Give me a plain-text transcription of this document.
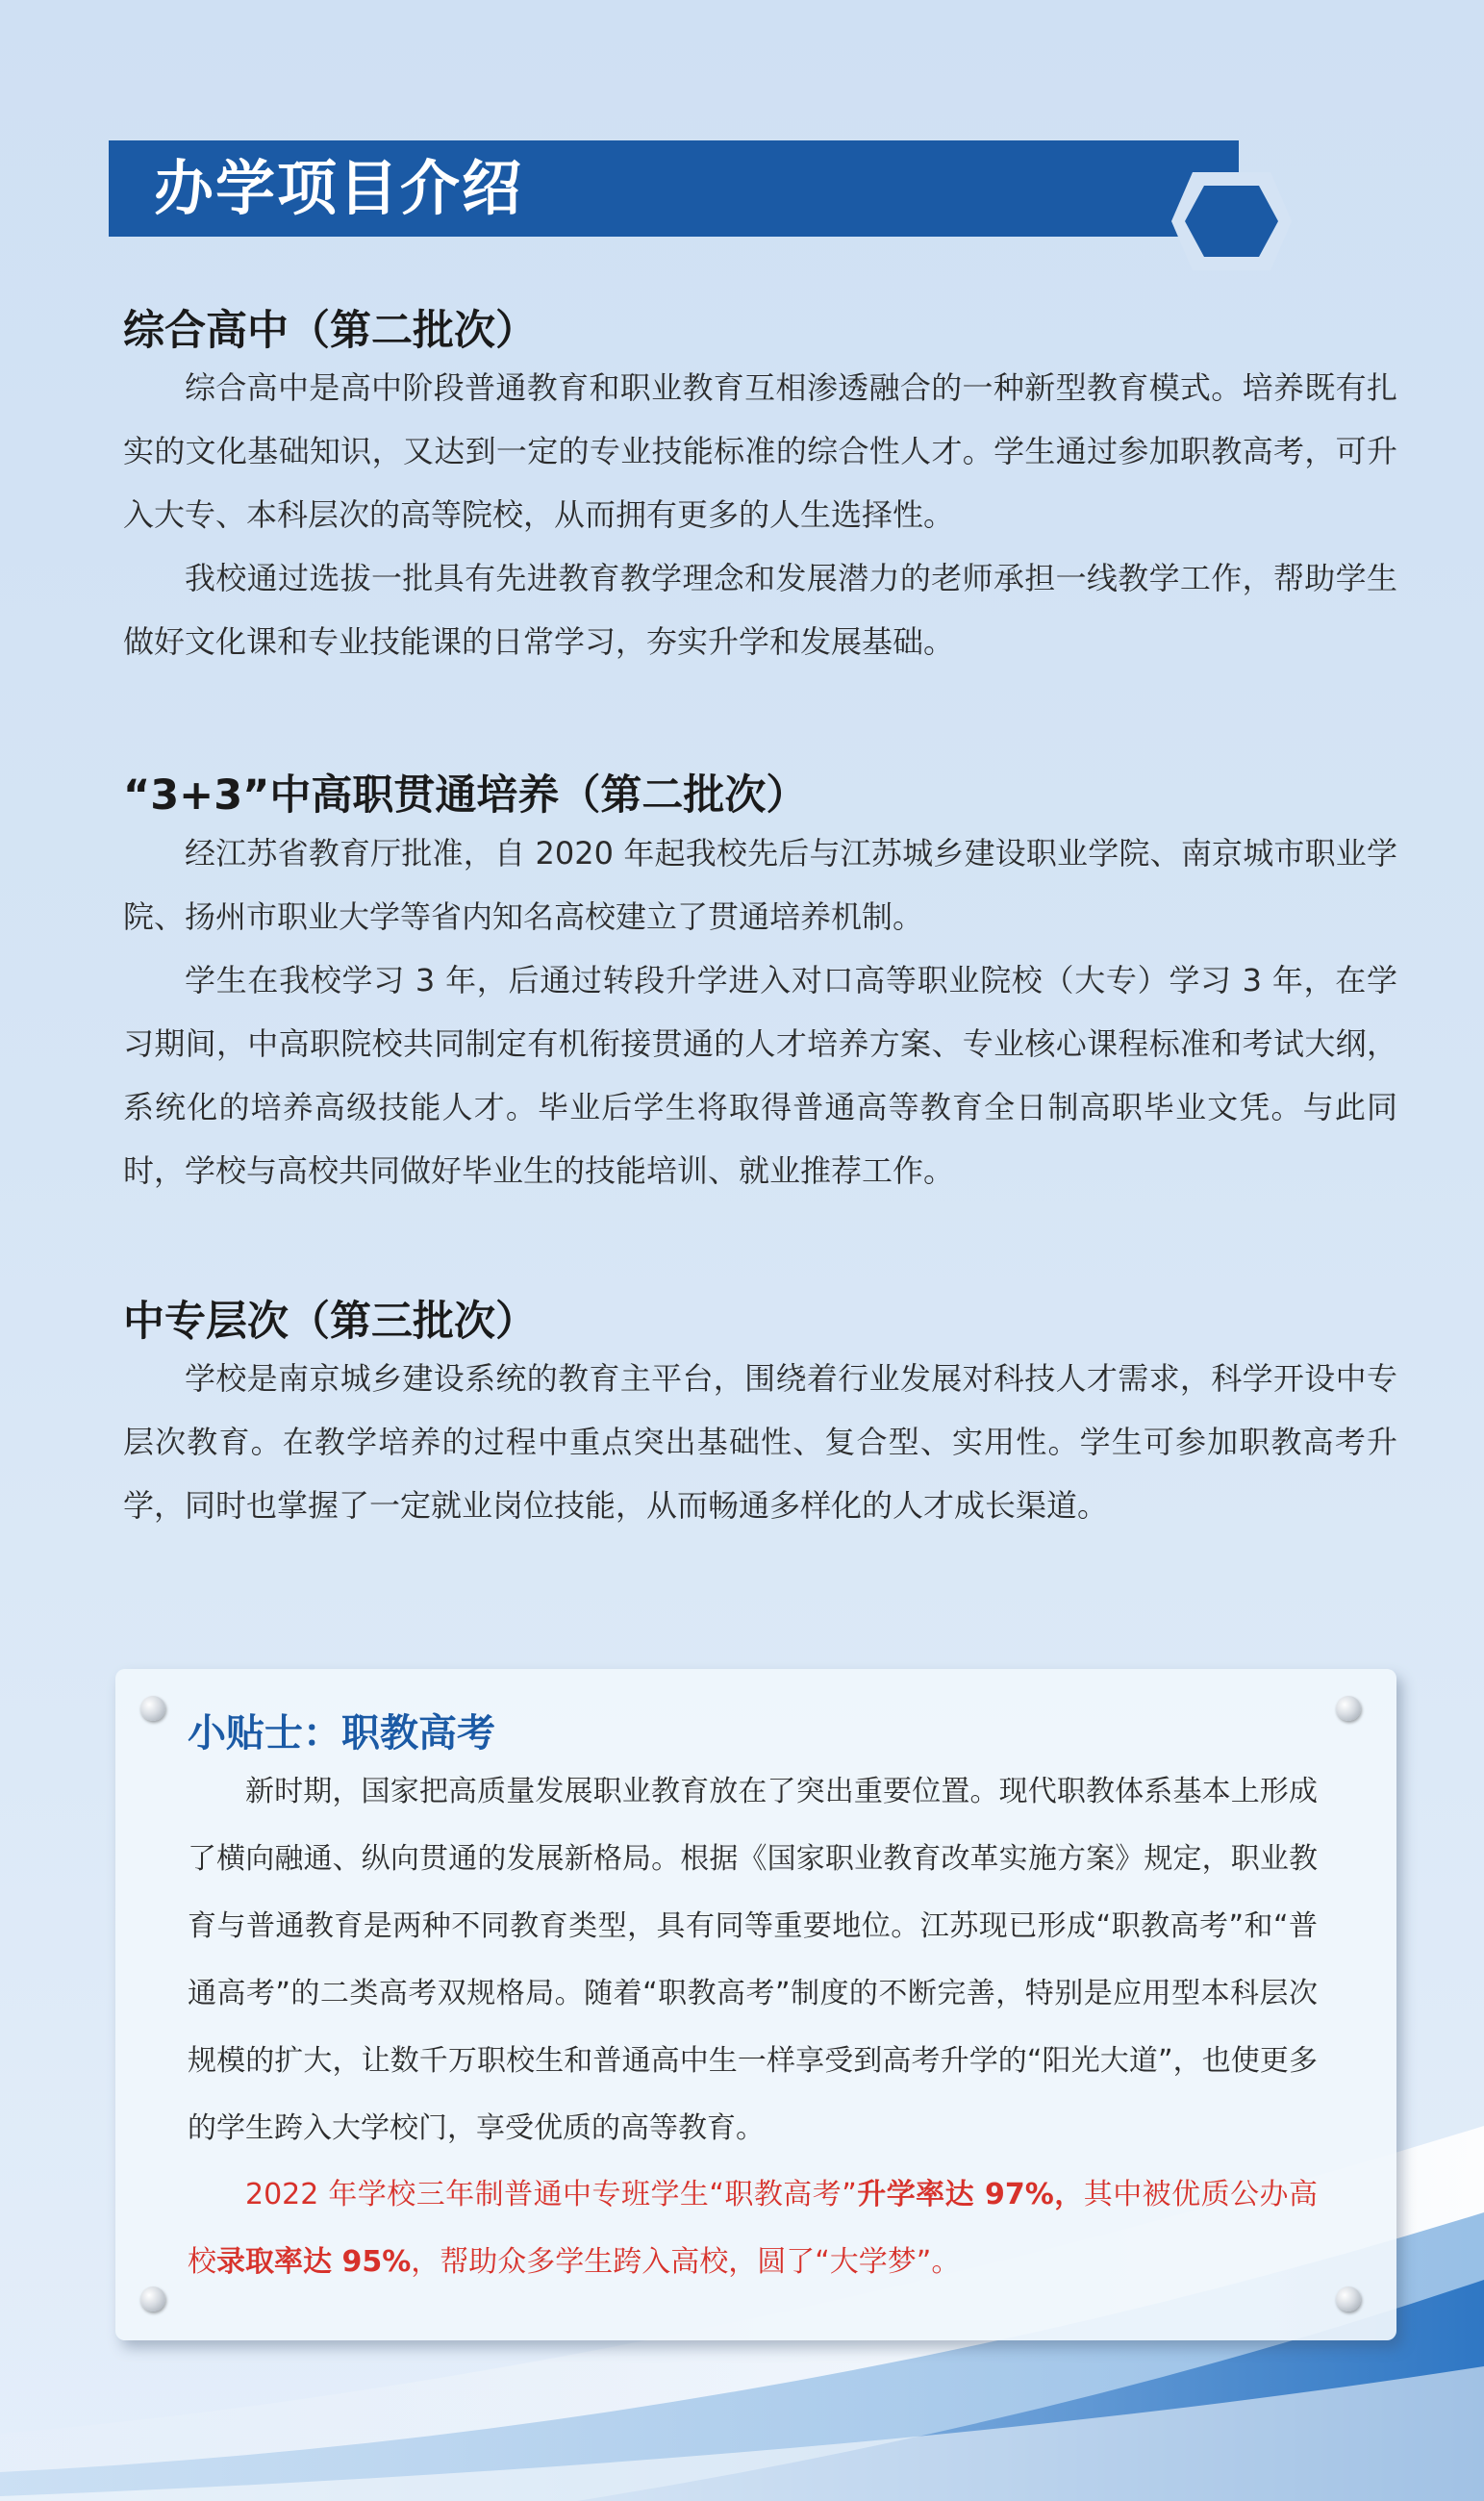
办学项目介绍
综合高中（第二批次）

综合高中是高中阶段普通教育和职业教育互相渗透融合的一种新型教育模式。培养既有扎实的文化基础知识，又达到一定的专业技能标准的综合性人才。学生通过参加职教高考，可升入大专、本科层次的高等院校，从而拥有更多的人生选择性。

我校通过选拔一批具有先进教育教学理念和发展潜力的老师承担一线教学工作，帮助学生做好文化课和专业技能课的日常学习，夯实升学和发展基础。

“3+3”中高职贯通培养（第二批次）

经江苏省教育厅批准，自 2020 年起我校先后与江苏城乡建设职业学院、南京城市职业学院、扬州市职业大学等省内知名高校建立了贯通培养机制。

学生在我校学习 3 年，后通过转段升学进入对口高等职业院校（大专）学习 3 年，在学习期间，中高职院校共同制定有机衔接贯通的人才培养方案、专业核心课程标准和考试大纲，系统化的培养高级技能人才。毕业后学生将取得普通高等教育全日制高职毕业文凭。与此同时，学校与高校共同做好毕业生的技能培训、就业推荐工作。

中专层次（第三批次）

学校是南京城乡建设系统的教育主平台，围绕着行业发展对科技人才需求，科学开设中专层次教育。在教学培养的过程中重点突出基础性、复合型、实用性。学生可参加职教高考升学，同时也掌握了一定就业岗位技能，从而畅通多样化的人才成长渠道。

小贴士：职教高考

新时期，国家把高质量发展职业教育放在了突出重要位置。现代职教体系基本上形成了横向融通、纵向贯通的发展新格局。根据《国家职业教育改革实施方案》规定，职业教育与普通教育是两种不同教育类型，具有同等重要地位。江苏现已形成“职教高考”和“普通高考”的二类高考双规格局。随着“职教高考”制度的不断完善，特别是应用型本科层次规模的扩大，让数千万职校生和普通高中生一样享受到高考升学的“阳光大道”，也使更多的学生跨入大学校门，享受优质的高等教育。

2022 年学校三年制普通中专班学生“职教高考”升学率达 97%，其中被优质公办高校录取率达 95%，帮助众多学生跨入高校，圆了“大学梦”。
